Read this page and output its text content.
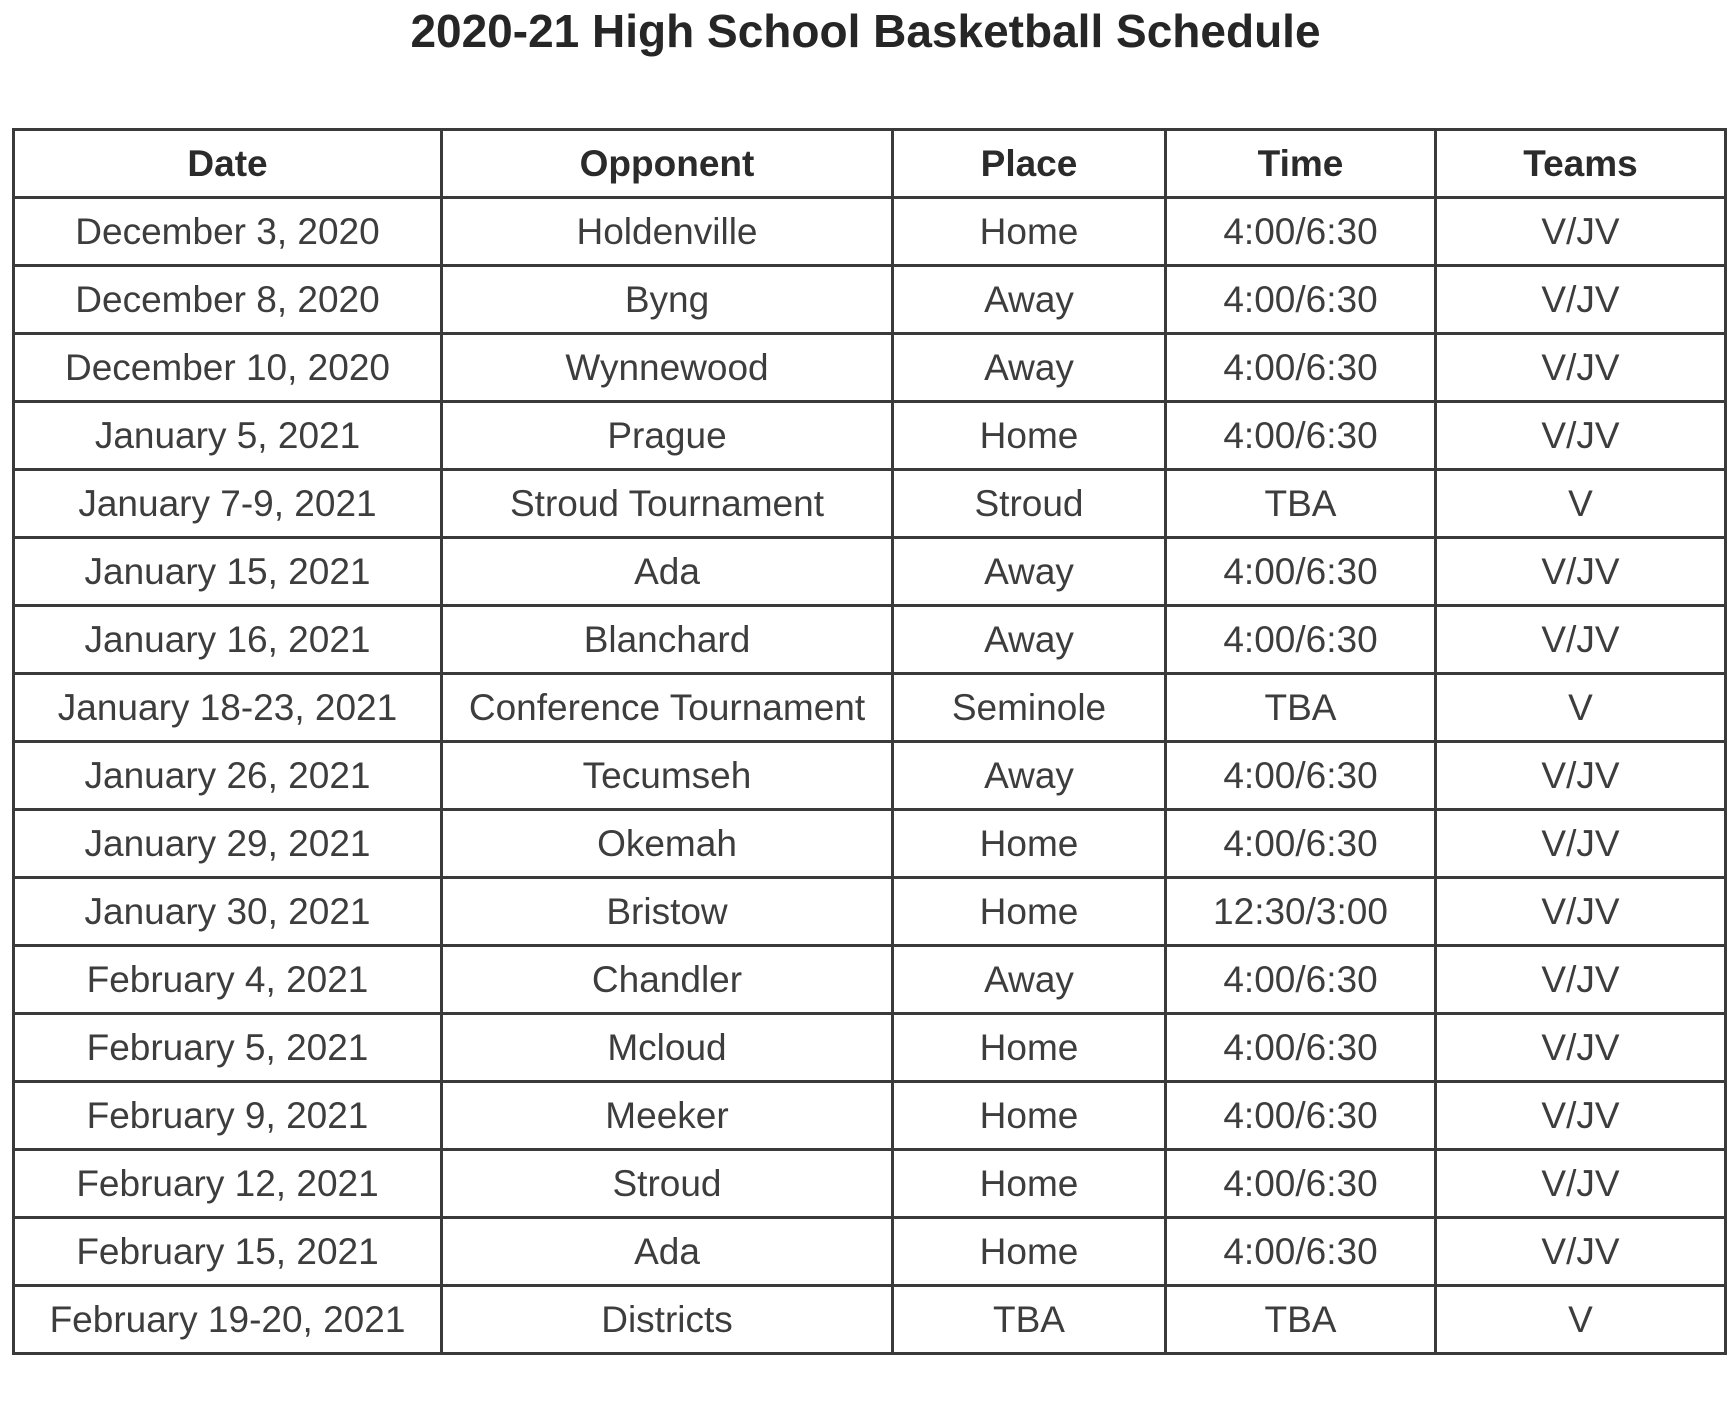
2020-21 High School Basketball Schedule
Date	Opponent	Place	Time	Teams
December 3, 2020	Holdenville	Home	4:00/6:30	V/JV
December 8, 2020	Byng	Away	4:00/6:30	V/JV
December 10, 2020	Wynnewood	Away	4:00/6:30	V/JV
January 5, 2021	Prague	Home	4:00/6:30	V/JV
January 7-9, 2021	Stroud Tournament	Stroud	TBA	V
January 15, 2021	Ada	Away	4:00/6:30	V/JV
January 16, 2021	Blanchard	Away	4:00/6:30	V/JV
January 18-23, 2021	Conference Tournament	Seminole	TBA	V
January 26, 2021	Tecumseh	Away	4:00/6:30	V/JV
January 29, 2021	Okemah	Home	4:00/6:30	V/JV
January 30, 2021	Bristow	Home	12:30/3:00	V/JV
February 4, 2021	Chandler	Away	4:00/6:30	V/JV
February 5, 2021	Mcloud	Home	4:00/6:30	V/JV
February 9, 2021	Meeker	Home	4:00/6:30	V/JV
February 12, 2021	Stroud	Home	4:00/6:30	V/JV
February 15, 2021	Ada	Home	4:00/6:30	V/JV
February 19-20, 2021	Districts	TBA	TBA	V
